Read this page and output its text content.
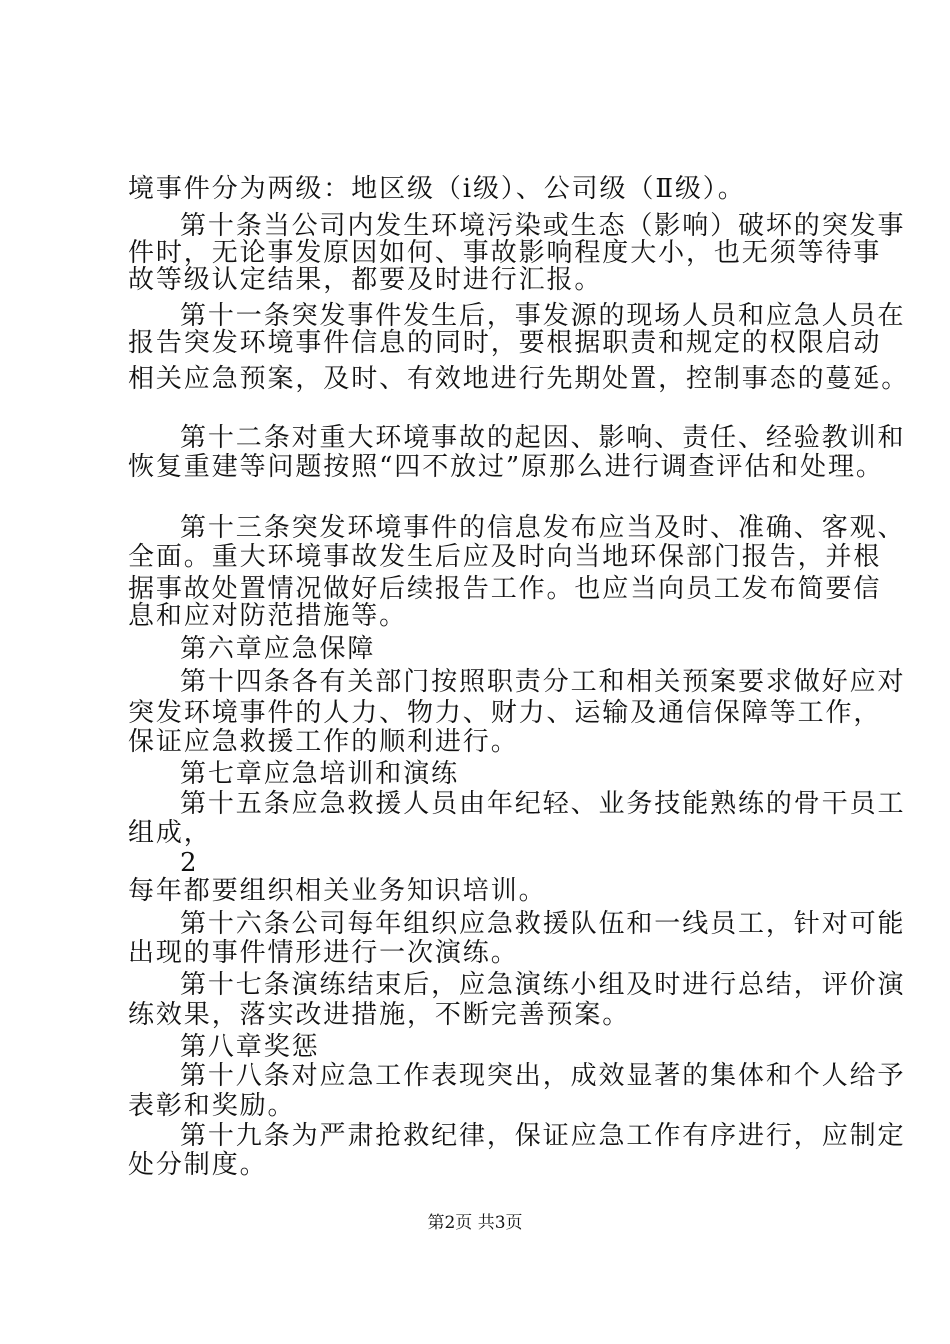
境事件分为两级：地区级（ⅰ级）、公司级（Ⅱ级）。
第十条当公司内发生环境污染或生态（影响）破坏的突发事
件时，无论事发原因如何、事故影响程度大小，也无须等待事
故等级认定结果，都要及时进行汇报。
第十一条突发事件发生后，事发源的现场人员和应急人员在
报告突发环境事件信息的同时，要根据职责和规定的权限启动
相关应急预案，及时、有效地进行先期处置，控制事态的蔓延。
第十二条对重大环境事故的起因、影响、责任、经验教训和
恢复重建等问题按照“四不放过”原那么进行调查评估和处理。
第十三条突发环境事件的信息发布应当及时、准确、客观、
全面。重大环境事故发生后应及时向当地环保部门报告，并根
据事故处置情况做好后续报告工作。也应当向员工发布简要信
息和应对防范措施等。
第六章应急保障
第十四条各有关部门按照职责分工和相关预案要求做好应对
突发环境事件的人力、物力、财力、运输及通信保障等工作，
保证应急救援工作的顺利进行。
第七章应急培训和演练
第十五条应急救援人员由年纪轻、业务技能熟练的骨干员工
组成，
2
每年都要组织相关业务知识培训。
第十六条公司每年组织应急救援队伍和一线员工，针对可能
出现的事件情形进行一次演练。
第十七条演练结束后，应急演练小组及时进行总结，评价演
练效果，落实改进措施，不断完善预案。
第八章奖惩
第十八条对应急工作表现突出，成效显著的集体和个人给予
表彰和奖励。
第十九条为严肃抢救纪律，保证应急工作有序进行，应制定
处分制度。
第2页 共3页
